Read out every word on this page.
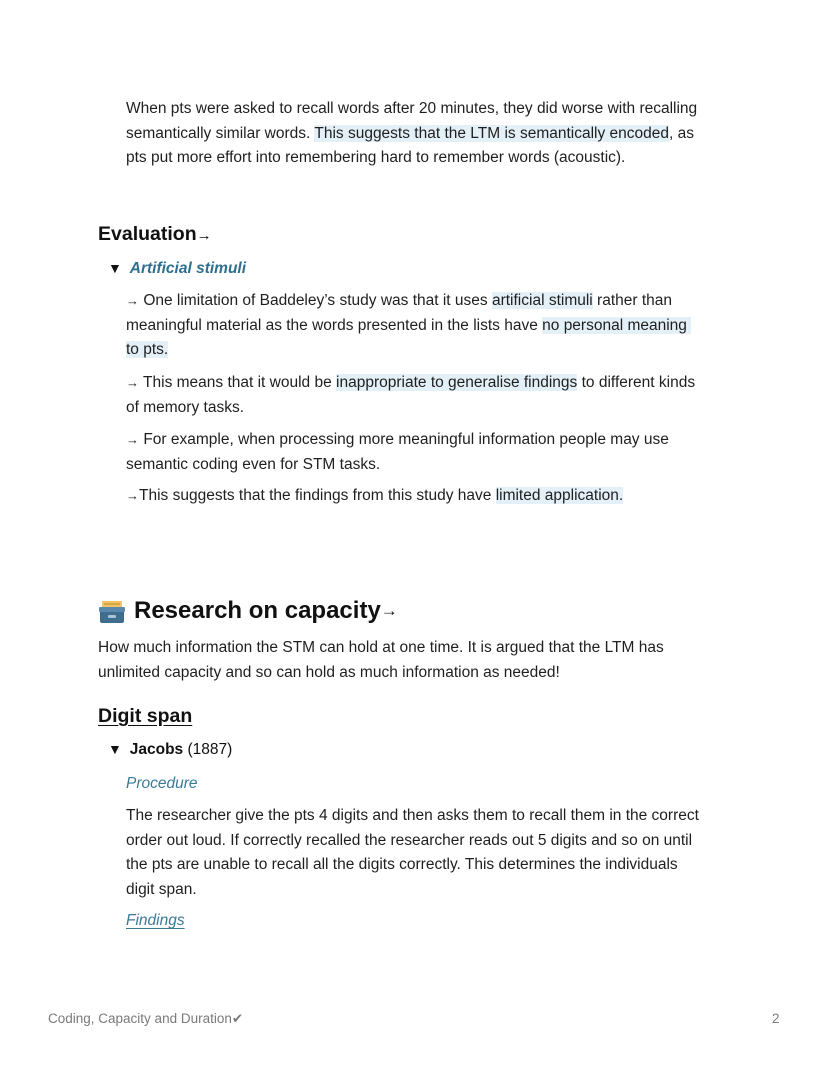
When pts were asked to recall words after 20 minutes, they did worse with recalling
semantically similar words. This suggests that the LTM is semantically encoded, as
pts put more effort into remembering hard to remember words (acoustic).
Evaluation→
▼ Artificial stimuli
→ One limitation of Baddeley’s study was that it uses artificial stimuli rather than
meaningful material as the words presented in the lists have no personal meaning
to pts.
→ This means that it would be inappropriate to generalise findings to different kinds
of memory tasks.
→ For example, when processing more meaningful information people may use
semantic coding even for STM tasks.
→This suggests that the findings from this study have limited application.
Research on capacity →
How much information the STM can hold at one time. It is argued that the LTM has
unlimited capacity and so can hold as much information as needed!
Digit span
▼ Jacobs (1887)
Procedure
The researcher give the pts 4 digits and then asks them to recall them in the correct
order out loud. If correctly recalled the researcher reads out 5 digits and so on until
the pts are unable to recall all the digits correctly. This determines the individuals
digit span.
Findings
Coding, Capacity and Duration✔	2
